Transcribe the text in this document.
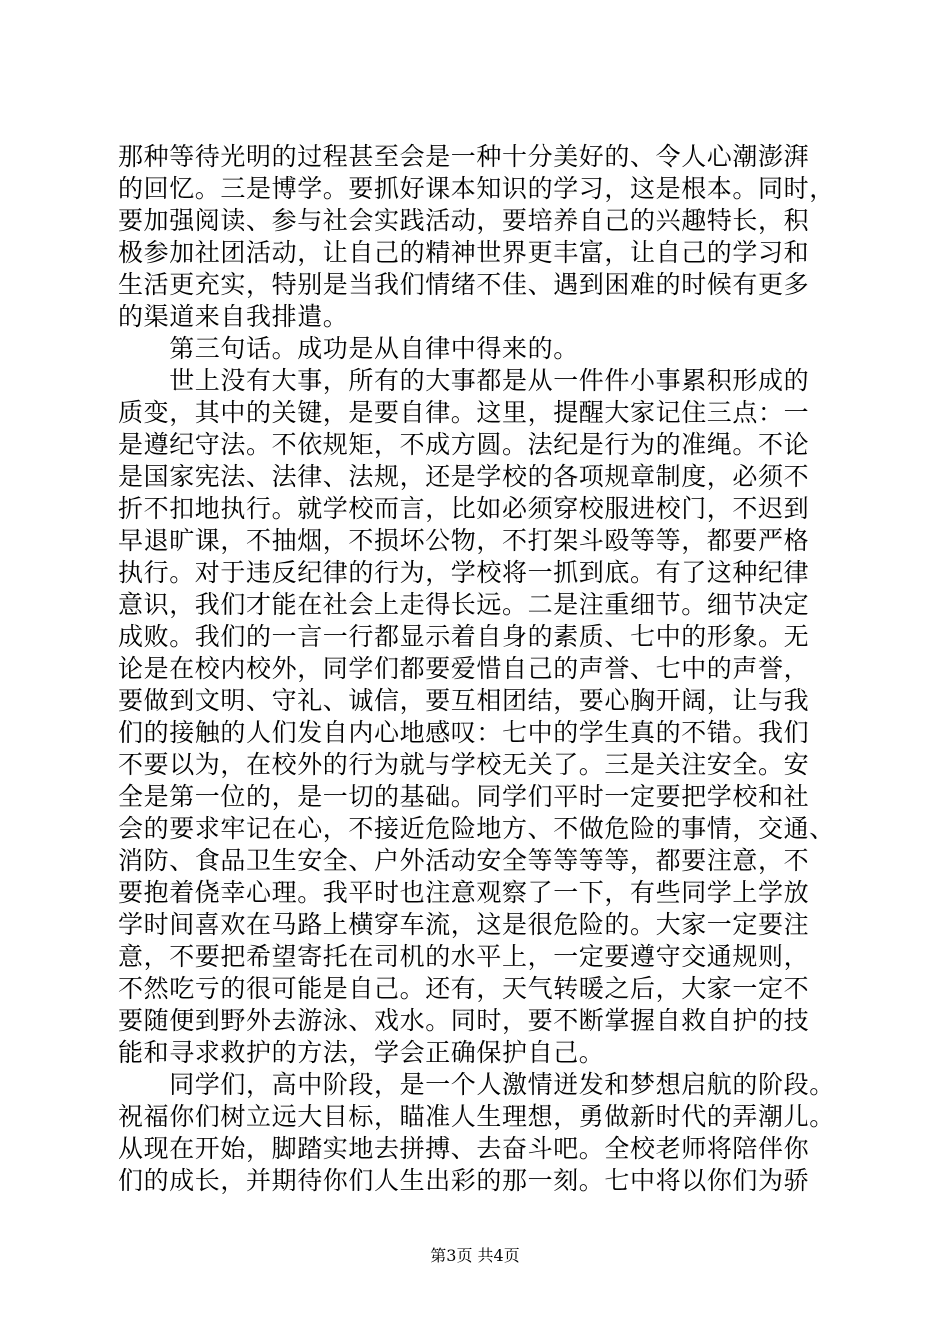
那种等待光明的过程甚至会是一种十分美好的、令人心潮澎湃
的回忆。三是博学。要抓好课本知识的学习，这是根本。同时，
要加强阅读、参与社会实践活动，要培养自己的兴趣特长，积
极参加社团活动，让自己的精神世界更丰富，让自己的学习和
生活更充实，特别是当我们情绪不佳、遇到困难的时候有更多
的渠道来自我排遣。
　　第三句话。成功是从自律中得来的。
　　世上没有大事，所有的大事都是从一件件小事累积形成的
质变，其中的关键，是要自律。这里，提醒大家记住三点：一
是遵纪守法。不依规矩，不成方圆。法纪是行为的准绳。不论
是国家宪法、法律、法规，还是学校的各项规章制度，必须不
折不扣地执行。就学校而言，比如必须穿校服进校门，不迟到
早退旷课，不抽烟，不损坏公物，不打架斗殴等等，都要严格
执行。对于违反纪律的行为，学校将一抓到底。有了这种纪律
意识，我们才能在社会上走得长远。二是注重细节。细节决定
成败。我们的一言一行都显示着自身的素质、七中的形象。无
论是在校内校外，同学们都要爱惜自己的声誉、七中的声誉，
要做到文明、守礼、诚信，要互相团结，要心胸开阔，让与我
们的接触的人们发自内心地感叹：七中的学生真的不错。我们
不要以为，在校外的行为就与学校无关了。三是关注安全。安
全是第一位的，是一切的基础。同学们平时一定要把学校和社
会的要求牢记在心，不接近危险地方、不做危险的事情，交通、
消防、食品卫生安全、户外活动安全等等等等，都要注意，不
要抱着侥幸心理。我平时也注意观察了一下，有些同学上学放
学时间喜欢在马路上横穿车流，这是很危险的。大家一定要注
意，不要把希望寄托在司机的水平上，一定要遵守交通规则，
不然吃亏的很可能是自己。还有，天气转暖之后，大家一定不
要随便到野外去游泳、戏水。同时，要不断掌握自救自护的技
能和寻求救护的方法，学会正确保护自己。
　　同学们，高中阶段，是一个人激情迸发和梦想启航的阶段。
祝福你们树立远大目标，瞄准人生理想，勇做新时代的弄潮儿。
从现在开始，脚踏实地去拼搏、去奋斗吧。全校老师将陪伴你
们的成长，并期待你们人生出彩的那一刻。七中将以你们为骄
第3页 共4页
